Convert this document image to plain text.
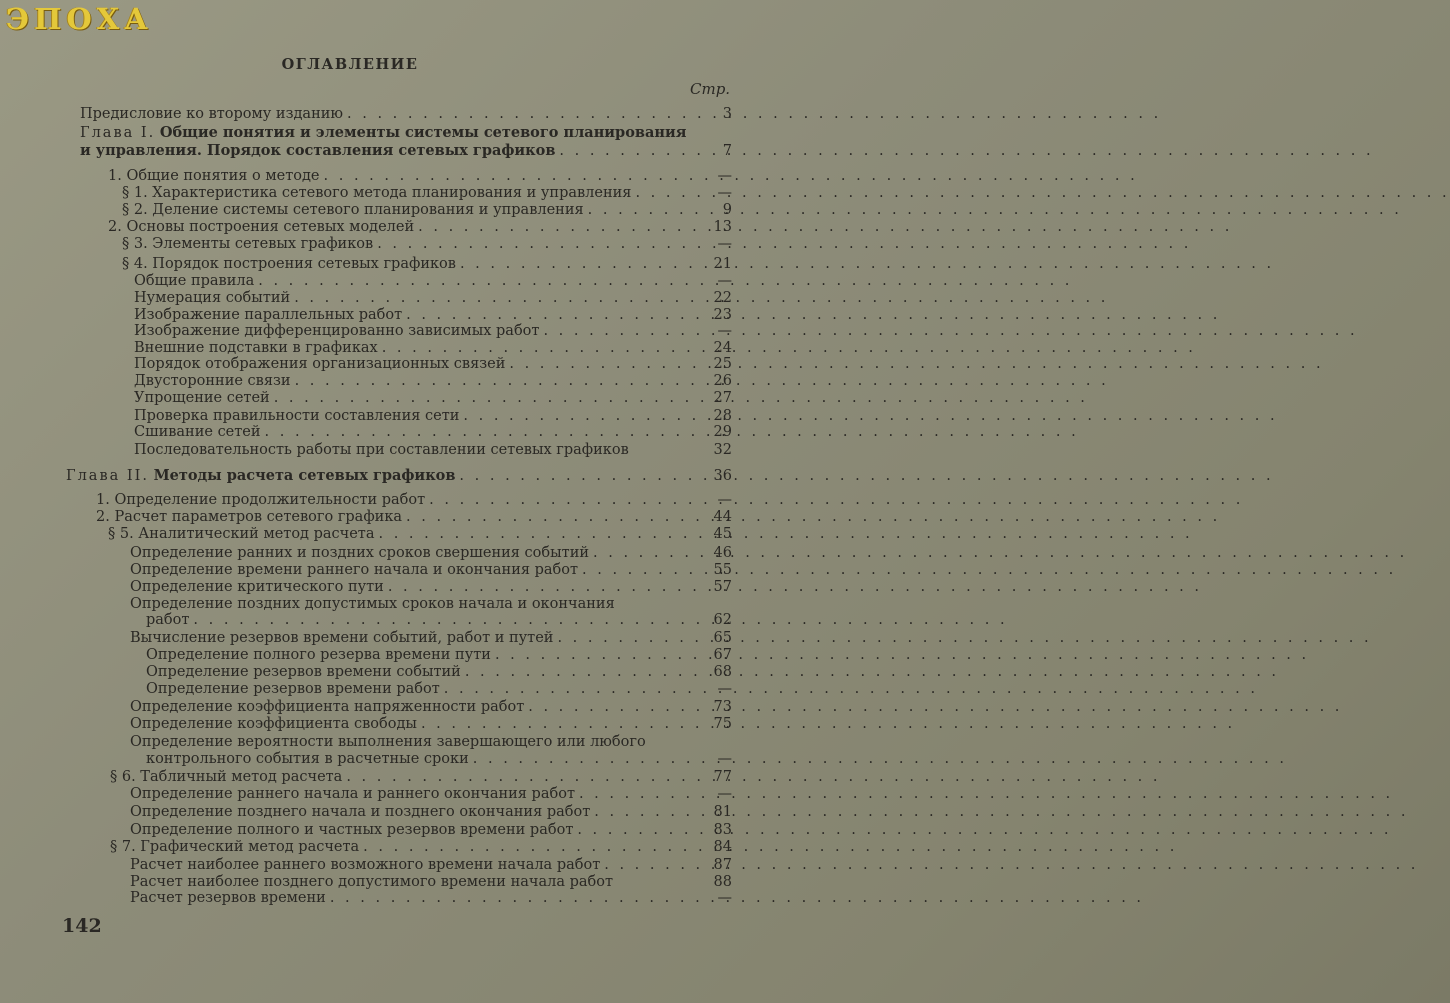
ЭПОХА
ОГЛАВЛЕНИЕ
Стр.
Предисловие ко второму изданию . . .	3
Глава I. Общие понятия и элементы системы сетевого планирования
и управления. Порядок составления сетевых графиков . . .	7
1. Общие понятия о методе . . .	—
§ 1. Характеристика сетевого метода планирования и управления . . .	—
§ 2. Деление системы сетевого планирования и управления . . .	9
2. Основы построения сетевых моделей . . .	13
§ 3. Элементы сетевых графиков . . .	—
§ 4. Порядок построения сетевых графиков . . .	21
Общие правила . . .	—
Нумерация событий . . .	22
Изображение параллельных работ . . .	23
Изображение дифференцированно зависимых работ . . .	—
Внешние подставки в графиках . . .	24
Порядок отображения организационных связей . . .	25
Двусторонние связи . . .	26
Упрощение сетей . . .	27
Проверка правильности составления сети . . .	28
Сшивание сетей . . .	29
Последовательность работы при составлении сетевых графиков	32
Глава II. Методы расчета сетевых графиков . . .	36
1. Определение продолжительности работ . . .	—
2. Расчет параметров сетевого графика . . .	44
§ 5. Аналитический метод расчета . . .	45
Определение ранних и поздних сроков свершения событий . . .	46
Определение времени раннего начала и окончания работ . . .	55
Определение критического пути . . .	57
Определение поздних допустимых сроков начала и окончания
работ . . .	62
Вычисление резервов времени событий, работ и путей . . .	65
Определение полного резерва времени пути . . .	67
Определение резервов времени событий . . .	68
Определение резервов времени работ . . .	—
Определение коэффициента напряженности работ . . .	73
Определение коэффициента свободы . . .	75
Определение вероятности выполнения завершающего или любого
контрольного события в расчетные сроки . . .	—
§ 6. Табличный метод расчета . . .	77
Определение раннего начала и раннего окончания работ . . .	—
Определение позднего начала и позднего окончания работ . . .	81
Определение полного и частных резервов времени работ . . .	83
§ 7. Графический метод расчета . . .	84
Расчет наиболее раннего возможного времени начала работ . . .	87
Расчет наиболее позднего допустимого времени начала работ	88
Расчет резервов времени . . .	—
142
